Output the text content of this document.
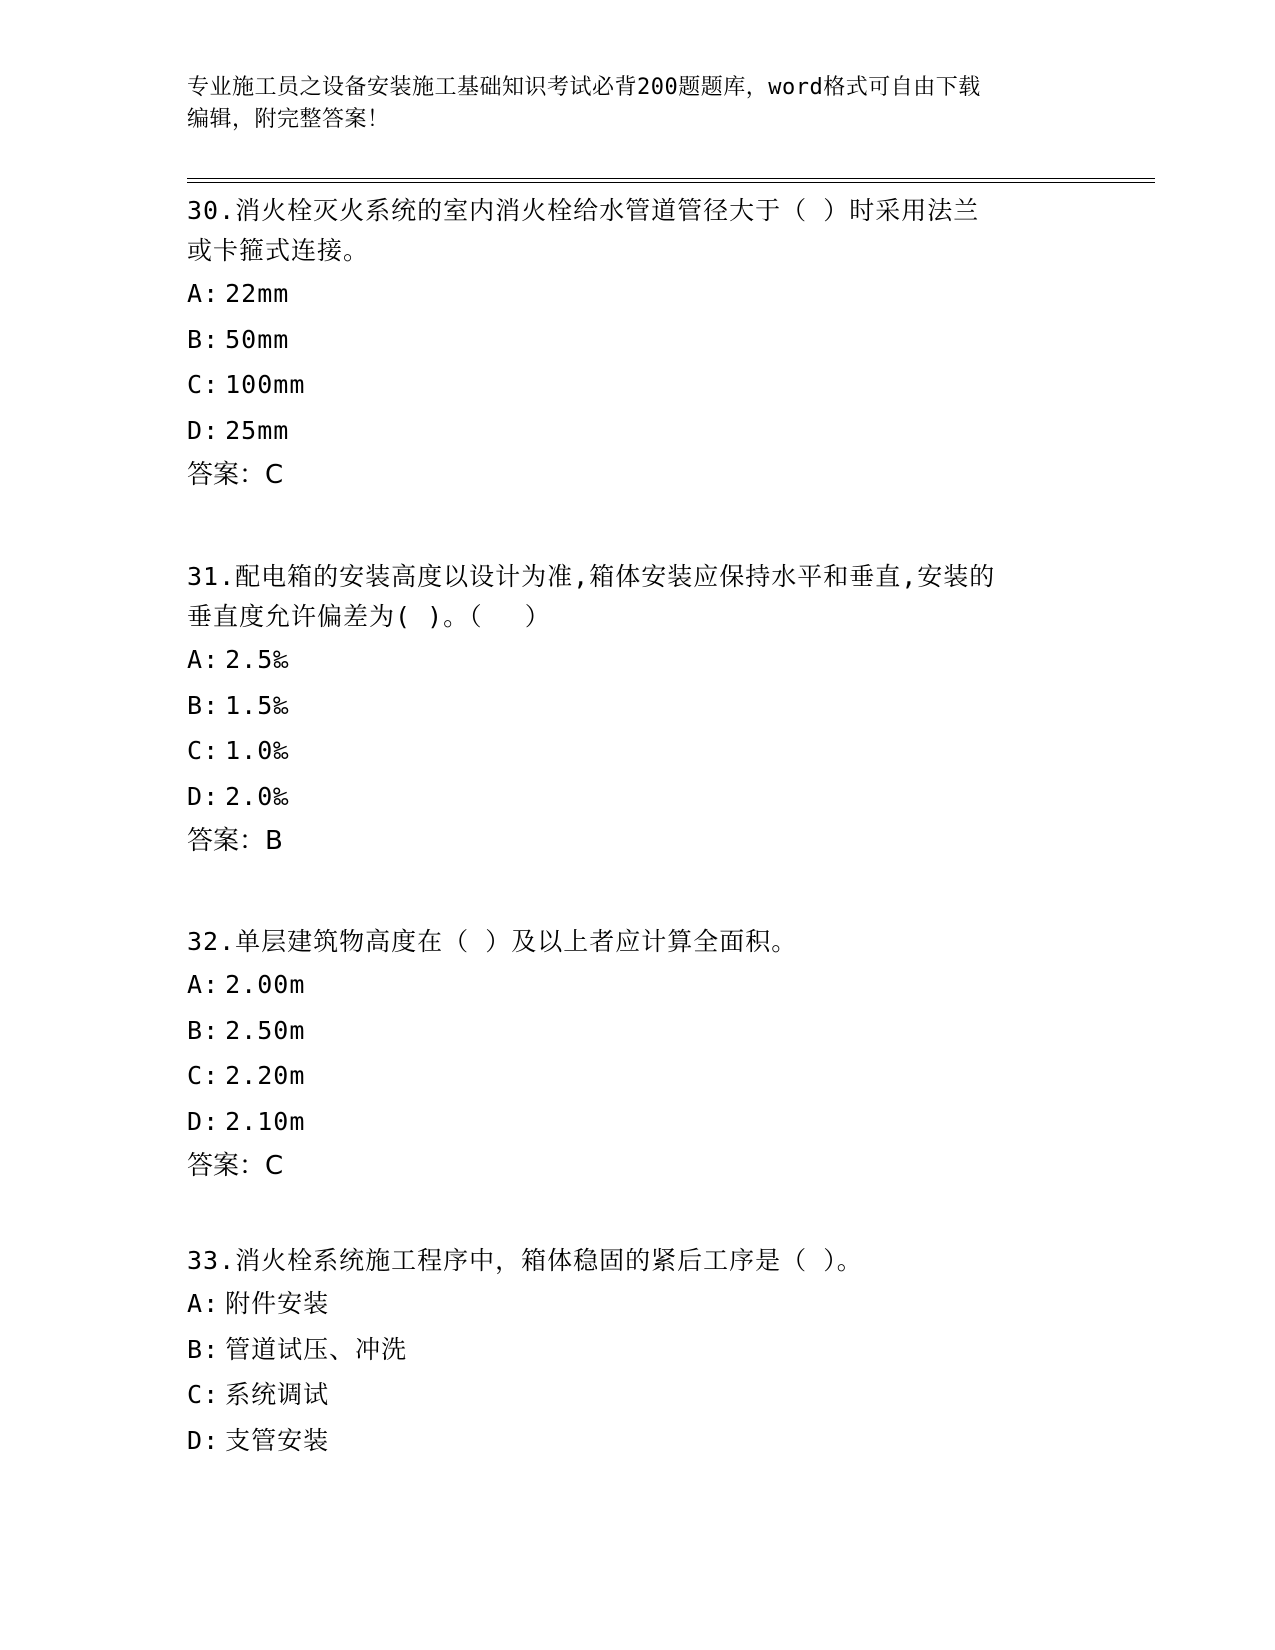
专业施工员之设备安装施工基础知识考试必背200题题库，word格式可自由下载
编辑，附完整答案！
30.消火栓灭火系统的室内消火栓给水管道管径大于（ ）时采用法兰
或卡箍式连接。
A: 22mm
B: 50mm
C: 100mm
D: 25mm
答案：C
31.配电箱的安装高度以设计为准,箱体安装应保持水平和垂直,安装的
垂直度允许偏差为( )。（　 ）
A: 2.5‰
B: 1.5‰
C: 1.0‰
D: 2.0‰
答案：B
32.单层建筑物高度在（ ）及以上者应计算全面积。
A: 2.00m
B: 2.50m
C: 2.20m
D: 2.10m
答案：C
33.消火栓系统施工程序中，箱体稳固的紧后工序是（ ）。
A: 附件安装
B: 管道试压、冲洗
C: 系统调试
D: 支管安装
